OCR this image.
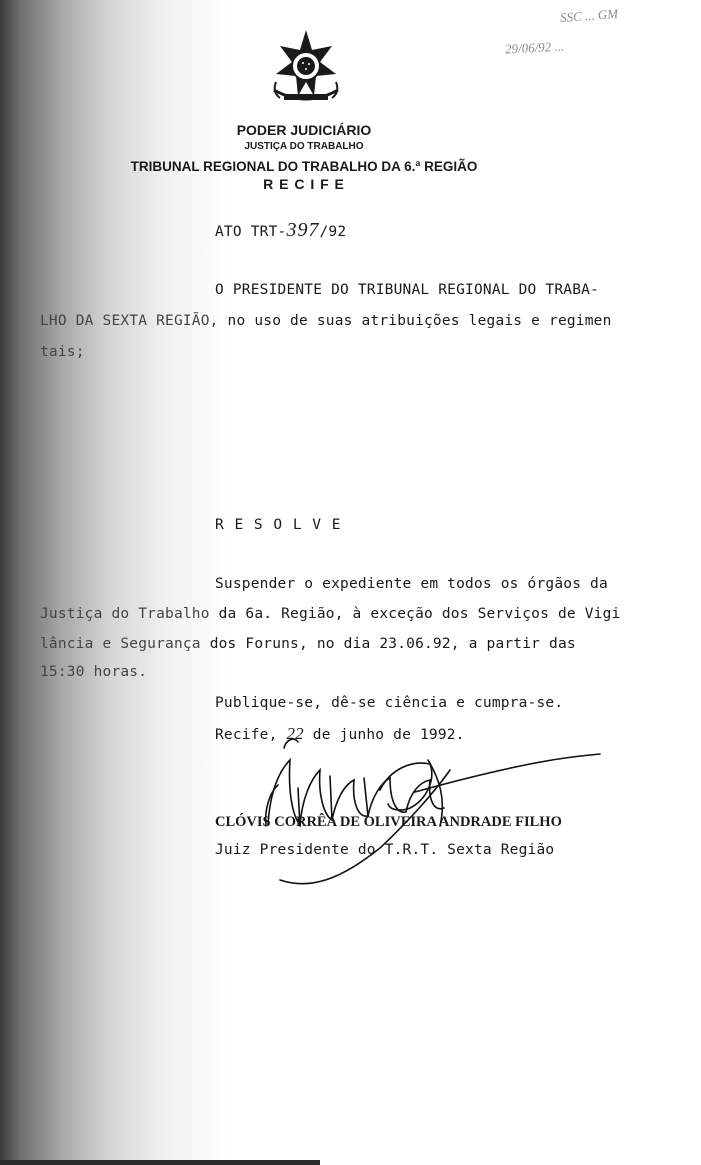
SSC ... GM
29/06/92 ...
PODER JUDICIÁRIO
JUSTIÇA DO TRABALHO
TRIBUNAL REGIONAL DO TRABALHO DA 6.ª REGIÃO
R E C I F E
ATO TRT-397/92
O PRESIDENTE DO TRIBUNAL REGIONAL DO TRABA-
LHO DA SEXTA REGIÃO, no uso de suas atribuições legais e regimen
tais;
R E S O L V E
Suspender o expediente em todos os órgãos da
Justiça do Trabalho da 6a. Região, à exceção dos Serviços de Vigi
lância e Segurança dos Foruns, no dia 23.06.92, a partir das
15:30 horas.
Publique-se, dê-se ciência e cumpra-se.
Recife, 22 de junho de 1992.
CLÓVIS CORRÊA DE OLIVEIRA ANDRADE FILHO
Juiz Presidente do T.R.T. Sexta Região
